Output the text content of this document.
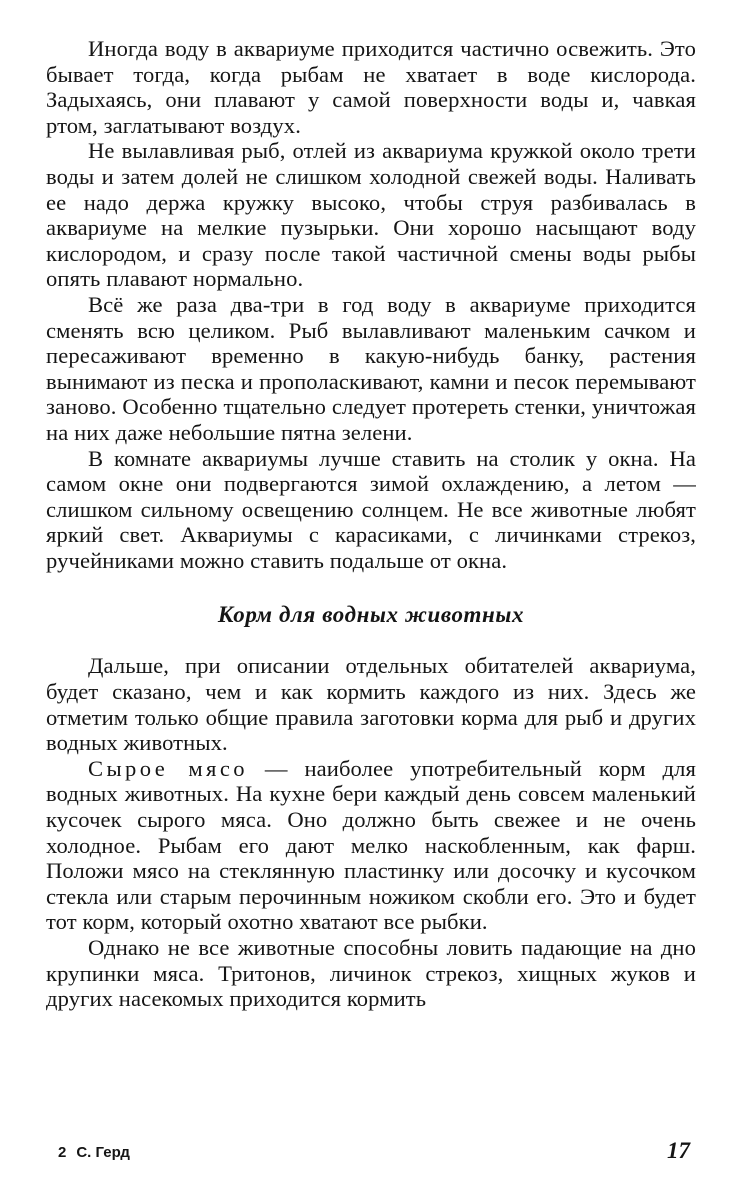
Иногда воду в аквариуме приходится частично освежить. Это бывает тогда, когда рыбам не хватает в воде кислорода. Задыхаясь, они плавают у самой поверхности воды и, чавкая ртом, заглатывают воздух.

Не вылавливая рыб, отлей из аквариума кружкой около трети воды и затем долей не слишком холодной свежей воды. Наливать ее надо держа кружку высоко, чтобы струя разбивалась в аквариуме на мелкие пузырьки. Они хорошо насыщают воду кислородом, и сразу после такой частичной смены воды рыбы опять плавают нормально.

Всё же раза два-три в год воду в аквариуме приходится сменять всю целиком. Рыб вылавливают маленьким сачком и пересаживают временно в какую-нибудь банку, растения вынимают из песка и прополаскивают, камни и песок перемывают заново. Особенно тщательно следует протереть стенки, уничтожая на них даже небольшие пятна зелени.

В комнате аквариумы лучше ставить на столик у окна. На самом окне они подвергаются зимой охлаждению, а летом — слишком сильному освещению солнцем. Не все животные любят яркий свет. Аквариумы с карасиками, с личинками стрекоз, ручейниками можно ставить подальше от окна.

Корм для водных животных

Дальше, при описании отдельных обитателей аквариума, будет сказано, чем и как кормить каждого из них. Здесь же отметим только общие правила заготовки корма для рыб и других водных животных.

Сырое мясо — наиболее употребительный корм для водных животных. На кухне бери каждый день совсем маленький кусочек сырого мяса. Оно должно быть свежее и не очень холодное. Рыбам его дают мелко наскобленным, как фарш. Положи мясо на стеклянную пластинку или досочку и кусочком стекла или старым перочинным ножиком скобли его. Это и будет тот корм, который охотно хватают все рыбки.

Однако не все животные способны ловить падающие на дно крупинки мяса. Тритонов, личинок стрекоз, хищных жуков и других насекомых приходится кормить

2 С. Герд	17
